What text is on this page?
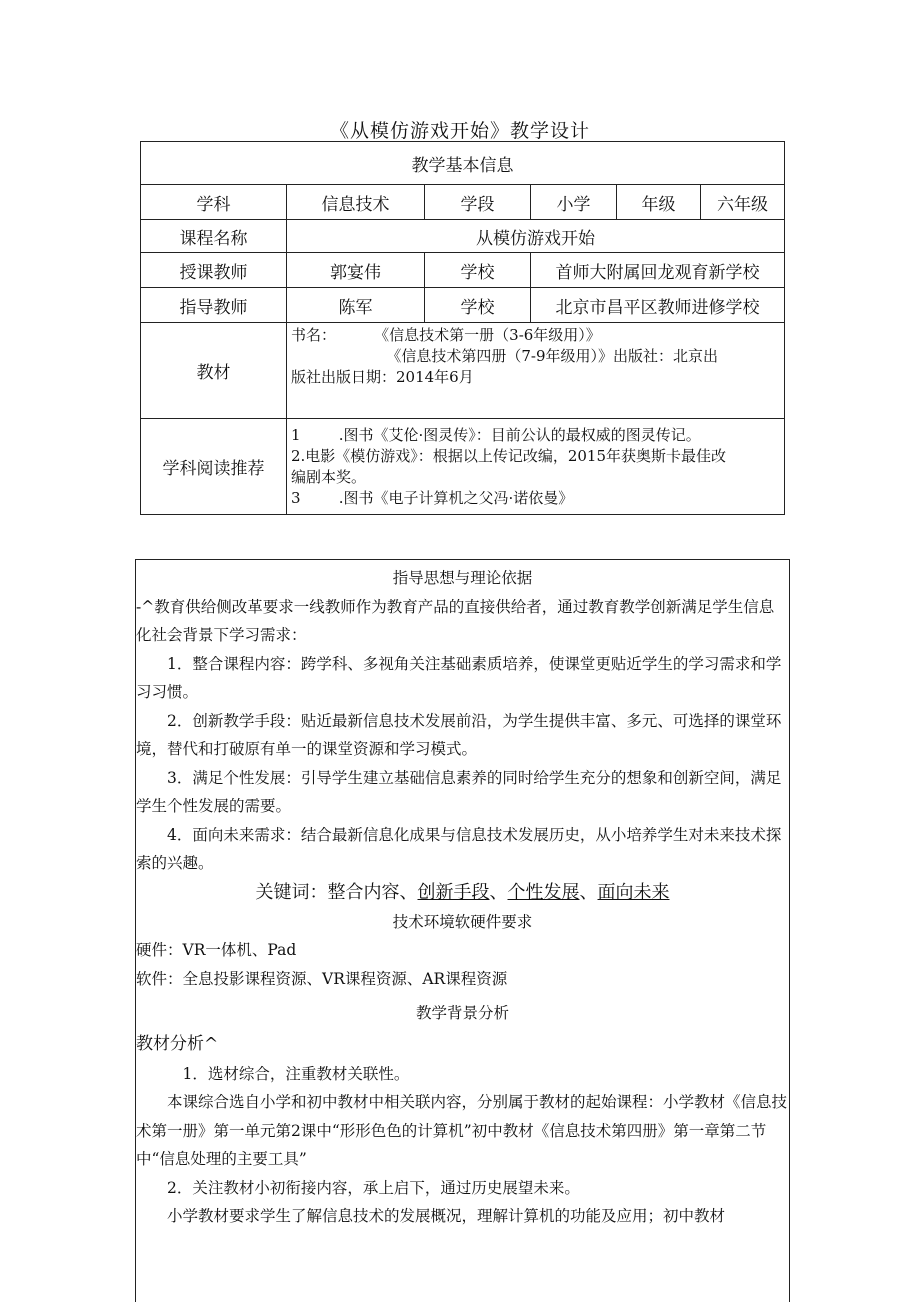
《从模仿游戏开始》教学设计
教学基本信息					
学科	信息技术	学段	小学	年级	六年级
课程名称	从模仿游戏开始				
授课教师	郭宴伟	学校	首师大附属回龙观育新学校		
指导教师	陈军	学校	北京市昌平区教师进修学校		
教材	书名：        《信息技术第一册（3-6年级用）》
《信息技术第四册（7-9年级用）》出版社：北京出
版社出版日期：2014年6月				

学科阅读推荐	1        .图书《艾伦·图灵传》：目前公认的最权威的图灵传记。
2.电影《模仿游戏》：根据以上传记改编，2015年获奥斯卡最佳改
编剧本奖。
3        .图书《电子计算机之父冯·诺依曼》				

指导思想与理论依据

-^教育供给侧改革要求一线教师作为教育产品的直接供给者，通过教育教学创新满足学生信息化社会背景下学习需求：

1．整合课程内容：跨学科、多视角关注基础素质培养，使课堂更贴近学生的学习需求和学习习惯。

2．创新教学手段：贴近最新信息技术发展前沿，为学生提供丰富、多元、可选择的课堂环境，替代和打破原有单一的课堂资源和学习模式。

3．满足个性发展：引导学生建立基础信息素养的同时给学生充分的想象和创新空间，满足学生个性发展的需要。

4．面向未来需求：结合最新信息化成果与信息技术发展历史，从小培养学生对未来技术探索的兴趣。

关键词：整合内容、创新手段、个性发展、面向未来

技术环境软硬件要求

硬件：VR一体机、Pad

软件：全息投影课程资源、VR课程资源、AR课程资源

教学背景分析

教材分析^

1．选材综合，注重教材关联性。

本课综合选自小学和初中教材中相关联内容，分别属于教材的起始课程：小学教材《信息技术第一册》第一单元第2课中“形形色色的计算机”初中教材《信息技术第四册》第一章第二节中“信息处理的主要工具”

2．关注教材小初衔接内容，承上启下，通过历史展望未来。

小学教材要求学生了解信息技术的发展概况，理解计算机的功能及应用；初中教材
